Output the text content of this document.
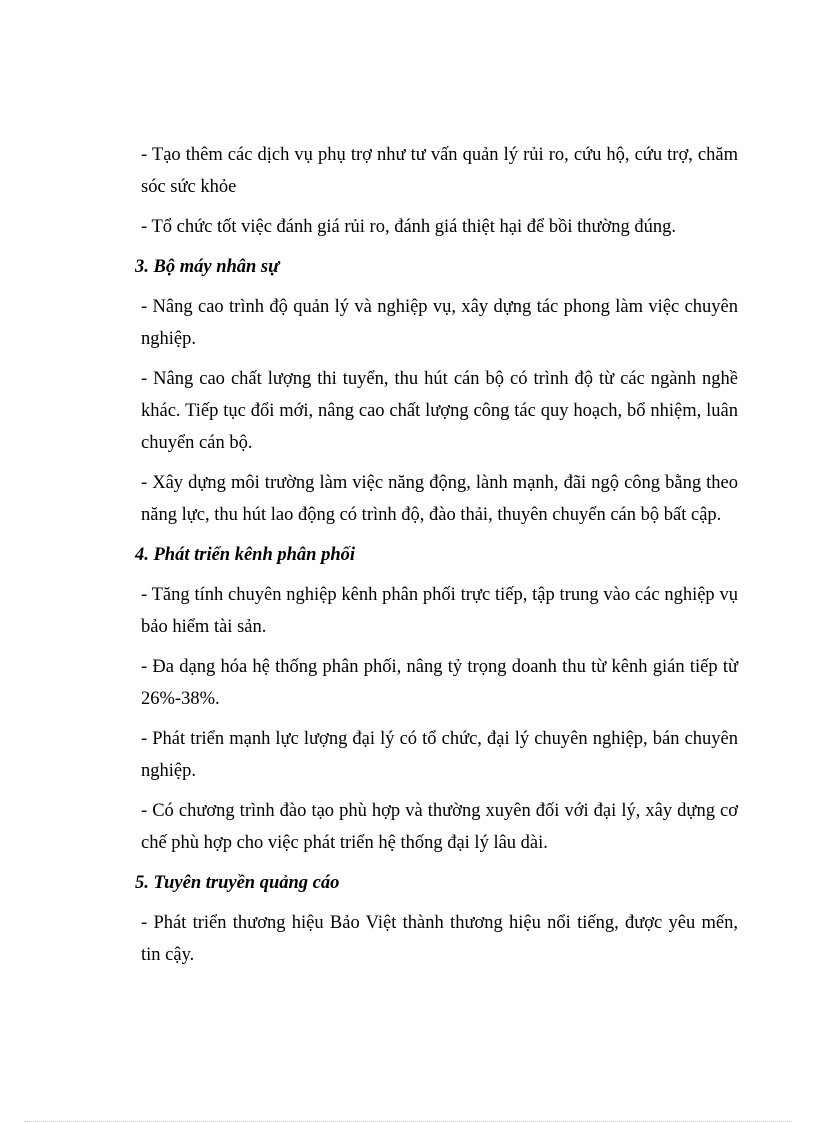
- Tạo thêm các dịch vụ phụ trợ như tư vấn quản lý rủi ro, cứu hộ, cứu trợ, chăm sóc sức khỏe

- Tổ chức tốt việc đánh giá rủi ro, đánh giá thiệt hại để bồi thường đúng.

3. Bộ máy nhân sự

- Nâng cao trình độ quản lý và nghiệp vụ, xây dựng tác phong làm việc chuyên nghiệp.

- Nâng cao chất lượng thi tuyển, thu hút cán bộ có trình độ từ các ngành nghề khác. Tiếp tục đổi mới, nâng cao chất lượng công tác quy hoạch, bổ nhiệm, luân chuyển cán bộ.

- Xây dựng môi trường làm việc năng động, lành mạnh, đãi ngộ công bằng theo năng lực, thu hút lao động có trình độ, đào thải, thuyên chuyển cán bộ bất cập.

4. Phát triển kênh phân phối

- Tăng tính chuyên nghiệp kênh phân phối trực tiếp, tập trung vào các nghiệp vụ bảo hiểm tài sản.

- Đa dạng hóa hệ thống phân phối, nâng tỷ trọng doanh thu từ kênh gián tiếp từ 26%-38%.

- Phát triển mạnh lực lượng đại lý có tổ chức, đại lý chuyên nghiệp, bán chuyên nghiệp.

- Có chương trình đào tạo phù hợp và thường xuyên đối với đại lý, xây dựng cơ chế phù hợp cho việc phát triển hệ thống đại lý lâu dài.

5. Tuyên truyền quảng cáo

- Phát triển thương hiệu Bảo Việt thành thương hiệu nổi tiếng, được yêu mến, tin cậy.
